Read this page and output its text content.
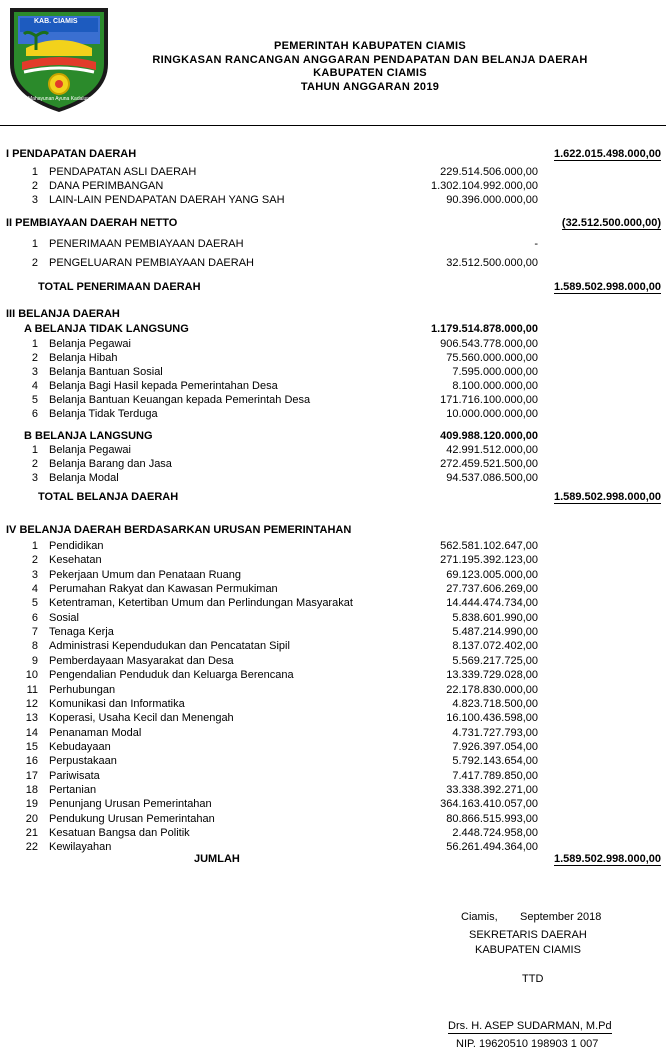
KAB. CIAMIS
Mahayunan Ayuna Kadaluran
PEMERINTAH KABUPATEN CIAMIS
RINGKASAN RANCANGAN ANGGARAN PENDAPATAN DAN BELANJA DAERAH
KABUPATEN CIAMIS
TAHUN ANGGARAN 2019
I PENDAPATAN DAERAH	1.622.015.498.000,00
1 PENDAPATAN ASLI DAERAH	229.514.506.000,00
2 DANA PERIMBANGAN	1.302.104.992.000,00
3 LAIN-LAIN PENDAPATAN DAERAH YANG SAH	90.396.000.000,00
II PEMBIAYAAN DAERAH NETTO	(32.512.500.000,00)
1 PENERIMAAN PEMBIAYAAN DAERAH	-
2 PENGELUARAN PEMBIAYAAN DAERAH	32.512.500.000,00
TOTAL PENERIMAAN DAERAH	1.589.502.998.000,00
III BELANJA DAERAH
A BELANJA TIDAK LANGSUNG	1.179.514.878.000,00
1 Belanja Pegawai	906.543.778.000,00
2 Belanja Hibah	75.560.000.000,00
3 Belanja Bantuan Sosial	7.595.000.000,00
4 Belanja Bagi Hasil kepada Pemerintahan Desa	8.100.000.000,00
5 Belanja Bantuan Keuangan kepada Pemerintah Desa	171.716.100.000,00
6 Belanja Tidak Terduga	10.000.000.000,00
B BELANJA LANGSUNG	409.988.120.000,00
1 Belanja Pegawai	42.991.512.000,00
2 Belanja Barang dan Jasa	272.459.521.500,00
3 Belanja Modal	94.537.086.500,00
TOTAL BELANJA DAERAH	1.589.502.998.000,00
IV BELANJA DAERAH BERDASARKAN URUSAN PEMERINTAHAN
1 Pendidikan	562.581.102.647,00
2 Kesehatan	271.195.392.123,00
3 Pekerjaan Umum dan Penataan Ruang	69.123.005.000,00
4 Perumahan Rakyat dan Kawasan Permukiman	27.737.606.269,00
5 Ketentraman, Ketertiban Umum dan Perlindungan Masyarakat	14.444.474.734,00
6 Sosial	5.838.601.990,00
7 Tenaga Kerja	5.487.214.990,00
8 Administrasi Kependudukan dan Pencatatan Sipil	8.137.072.402,00
9 Pemberdayaan Masyarakat dan Desa	5.569.217.725,00
10 Pengendalian Penduduk dan Keluarga Berencana	13.339.729.028,00
11 Perhubungan	22.178.830.000,00
12 Komunikasi dan Informatika	4.823.718.500,00
13 Koperasi, Usaha Kecil dan Menengah	16.100.436.598,00
14 Penanaman Modal	4.731.727.793,00
15 Kebudayaan	7.926.397.054,00
16 Perpustakaan	5.792.143.654,00
17 Pariwisata	7.417.789.850,00
18 Pertanian	33.338.392.271,00
19 Penunjang Urusan Pemerintahan	364.163.410.057,00
20 Pendukung Urusan Pemerintahan	80.866.515.993,00
21 Kesatuan Bangsa dan Politik	2.448.724.958,00
22 Kewilayahan	56.261.494.364,00
JUMLAH	1.589.502.998.000,00
Ciamis, September 2018
SEKRETARIS DAERAH
KABUPATEN CIAMIS
TTD
Drs. H. ASEP SUDARMAN, M.Pd
NIP. 19620510 198903 1 007
